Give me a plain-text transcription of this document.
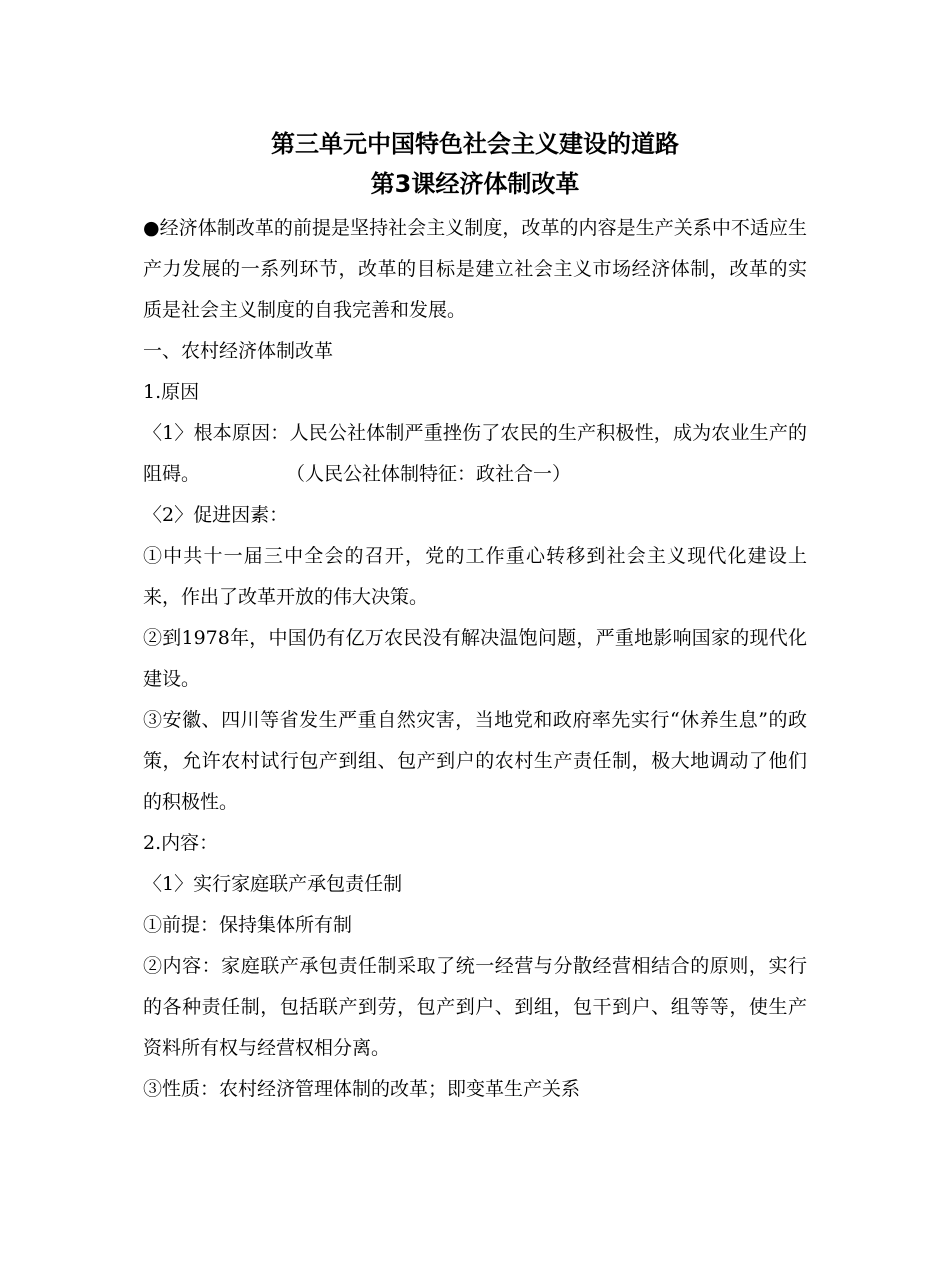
第三单元中国特色社会主义建设的道路
第3课经济体制改革

●经济体制改革的前提是坚持社会主义制度，改革的内容是生产关系中不适应生产力发展的一系列环节，改革的目标是建立社会主义市场经济体制，改革的实质是社会主义制度的自我完善和发展。

一、农村经济体制改革

1.原因

〈1〉根本原因：人民公社体制严重挫伤了农民的生产积极性，成为农业生产的阻碍。	（人民公社体制特征：政社合一）

〈2〉促进因素：

①中共十一届三中全会的召开，党的工作重心转移到社会主义现代化建设上来，作出了改革开放的伟大决策。

②到1978年，中国仍有亿万农民没有解决温饱问题，严重地影响国家的现代化建设。

③安徽、四川等省发生严重自然灾害，当地党和政府率先实行“休养生息”的政策，允许农村试行包产到组、包产到户的农村生产责任制，极大地调动了他们的积极性。

2.内容：

〈1〉实行家庭联产承包责任制

①前提：保持集体所有制

②内容：家庭联产承包责任制采取了统一经营与分散经营相结合的原则，实行的各种责任制，包括联产到劳，包产到户、到组，包干到户、组等等，使生产资料所有权与经营权相分离。

③性质：农村经济管理体制的改革；即变革生产关系
